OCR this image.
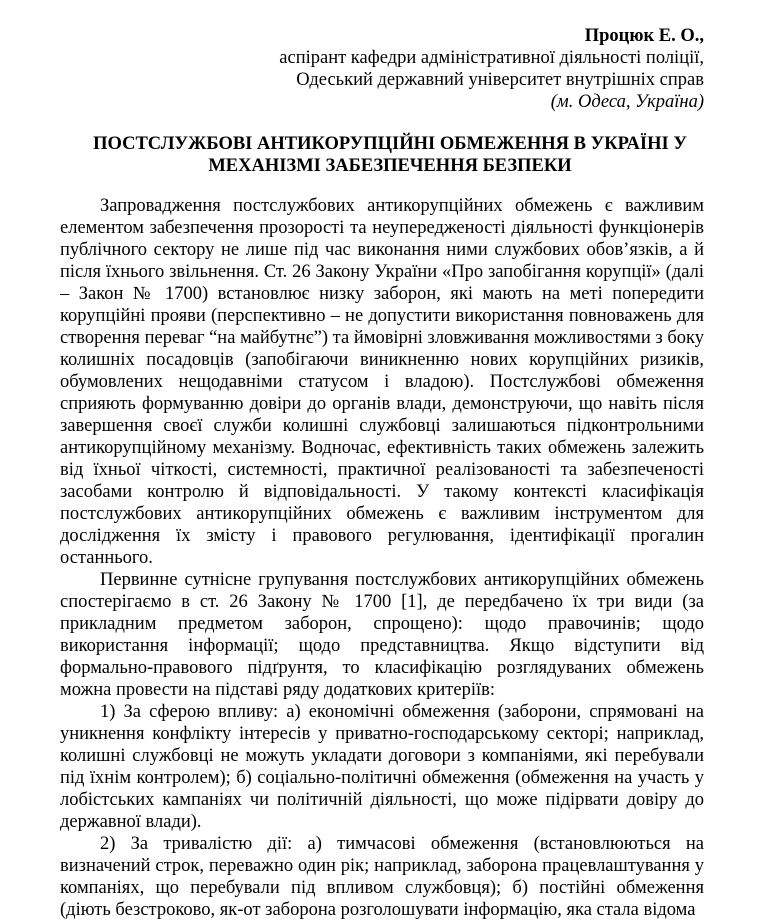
Процюк Е. О.,
аспірант кафедри адміністративної діяльності поліції,
Одеський державний університет внутрішніх справ
(м. Одеса, Україна)
ПОСТСЛУЖБОВІ АНТИКОРУПЦІЙНІ ОБМЕЖЕННЯ В УКРАЇНІ У
МЕХАНІЗМІ ЗАБЕЗПЕЧЕННЯ БЕЗПЕКИ

Запровадження постслужбових антикорупційних обмежень є важливим елементом забезпечення прозорості та неупередженості діяльності функціонерів публічного сектору не лише під час виконання ними службових обов’язків, а й після їхнього звільнення. Ст. 26 Закону України «Про запобігання корупції» (далі – Закон № 1700) встановлює низку заборон, які мають на меті попередити корупційні прояви (перспективно – не допустити використання повноважень для створення переваг “на майбутнє”) та ймовірні зловживання можливостями з боку колишніх посадовців (запобігаючи виникненню нових корупційних ризиків, обумовлених нещодавніми статусом і владою). Постслужбові обмеження сприяють формуванню довіри до органів влади, демонструючи, що навіть після завершення своєї служби колишні службовці залишаються підконтрольними антикорупційному механізму. Водночас, ефективність таких обмежень залежить від їхньої чіткості, системності, практичної реалізованості та забезпеченості засобами контролю й відповідальності. У такому контексті класифікація постслужбових антикорупційних обмежень є важливим інструментом для дослідження їх змісту і правового регулювання, ідентифікації прогалин останнього.

Первинне сутнісне групування постслужбових антикорупційних обмежень спостерігаємо в ст. 26 Закону № 1700 [1], де передбачено їх три види (за прикладним предметом заборон, спрощено): щодо правочинів; щодо використання інформації; щодо представництва. Якщо відступити від формально-правового підґрунтя, то класифікацію розглядуваних обмежень можна провести на підставі ряду додаткових критеріїв:

1) За сферою впливу: а) економічні обмеження (заборони, спрямовані на уникнення конфлікту інтересів у приватно-господарському секторі; наприклад, колишні службовці не можуть укладати договори з компаніями, які перебували під їхнім контролем); б) соціально-політичні обмеження (обмеження на участь у лобістських кампаніях чи політичній діяльності, що може підірвати довіру до державної влади).

2) За тривалістю дії: а) тимчасові обмеження (встановлюються на визначений строк, переважно один рік; наприклад, заборона працевлаштування у компаніях, що перебували під впливом службовця); б) постійні обмеження (діють безстроково, як-от заборона розголошувати інформацію, яка стала відома
